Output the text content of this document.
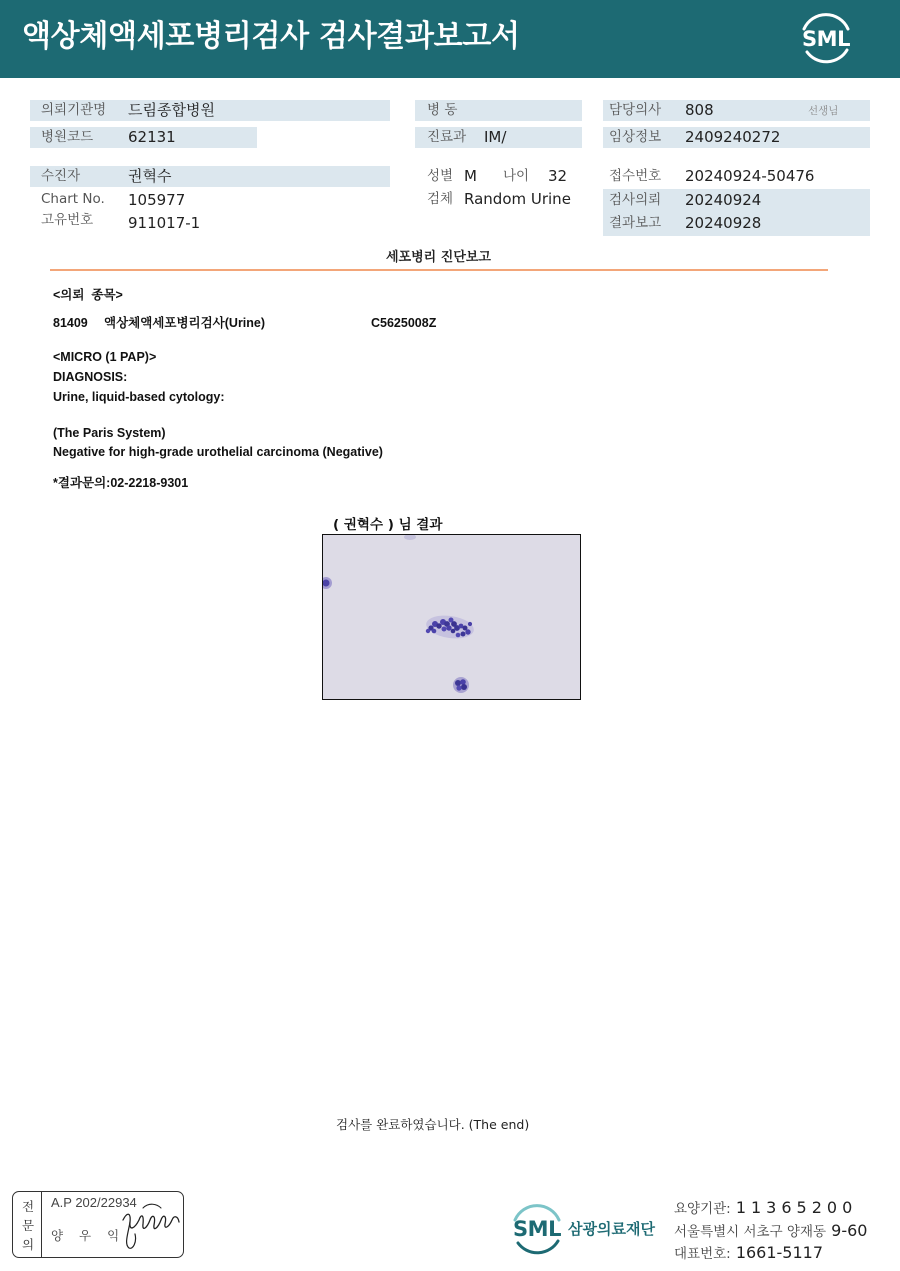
액상체액세포병리검사 검사결과보고서	SML
의뢰기관명 드림종합병원
병원코드 62131
수진자	권혁수
Chart No. 105977
고유번호 911017-1
병 동
진료과 IM/
성별 M 나이 32
검체 Random Urine
담당의사 808	선생님
임상정보 2409240272
접수번호 20240924-50476
검사의뢰 20240924
결과보고 20240928
세포병리 진단보고
<의뢰  종목>
81409 액상체액세포병리검사(Urine)	C5625008Z
<MICRO (1 PAP)>
DIAGNOSIS:
Urine, liquid-based cytology:
(The Paris System)
Negative for high-grade urothelial carcinoma (Negative)
*결과문의:02-2218-9301
( 권혁수 ) 님 결과
검사를 완료하였습니다. (The end)
전
문
의
A.P 202/22934
양 우 익	SML 삼광의료재단
요양기관: 11365200
서울특별시 서초구 양재동 9-60
대표번호: 1661-5117
